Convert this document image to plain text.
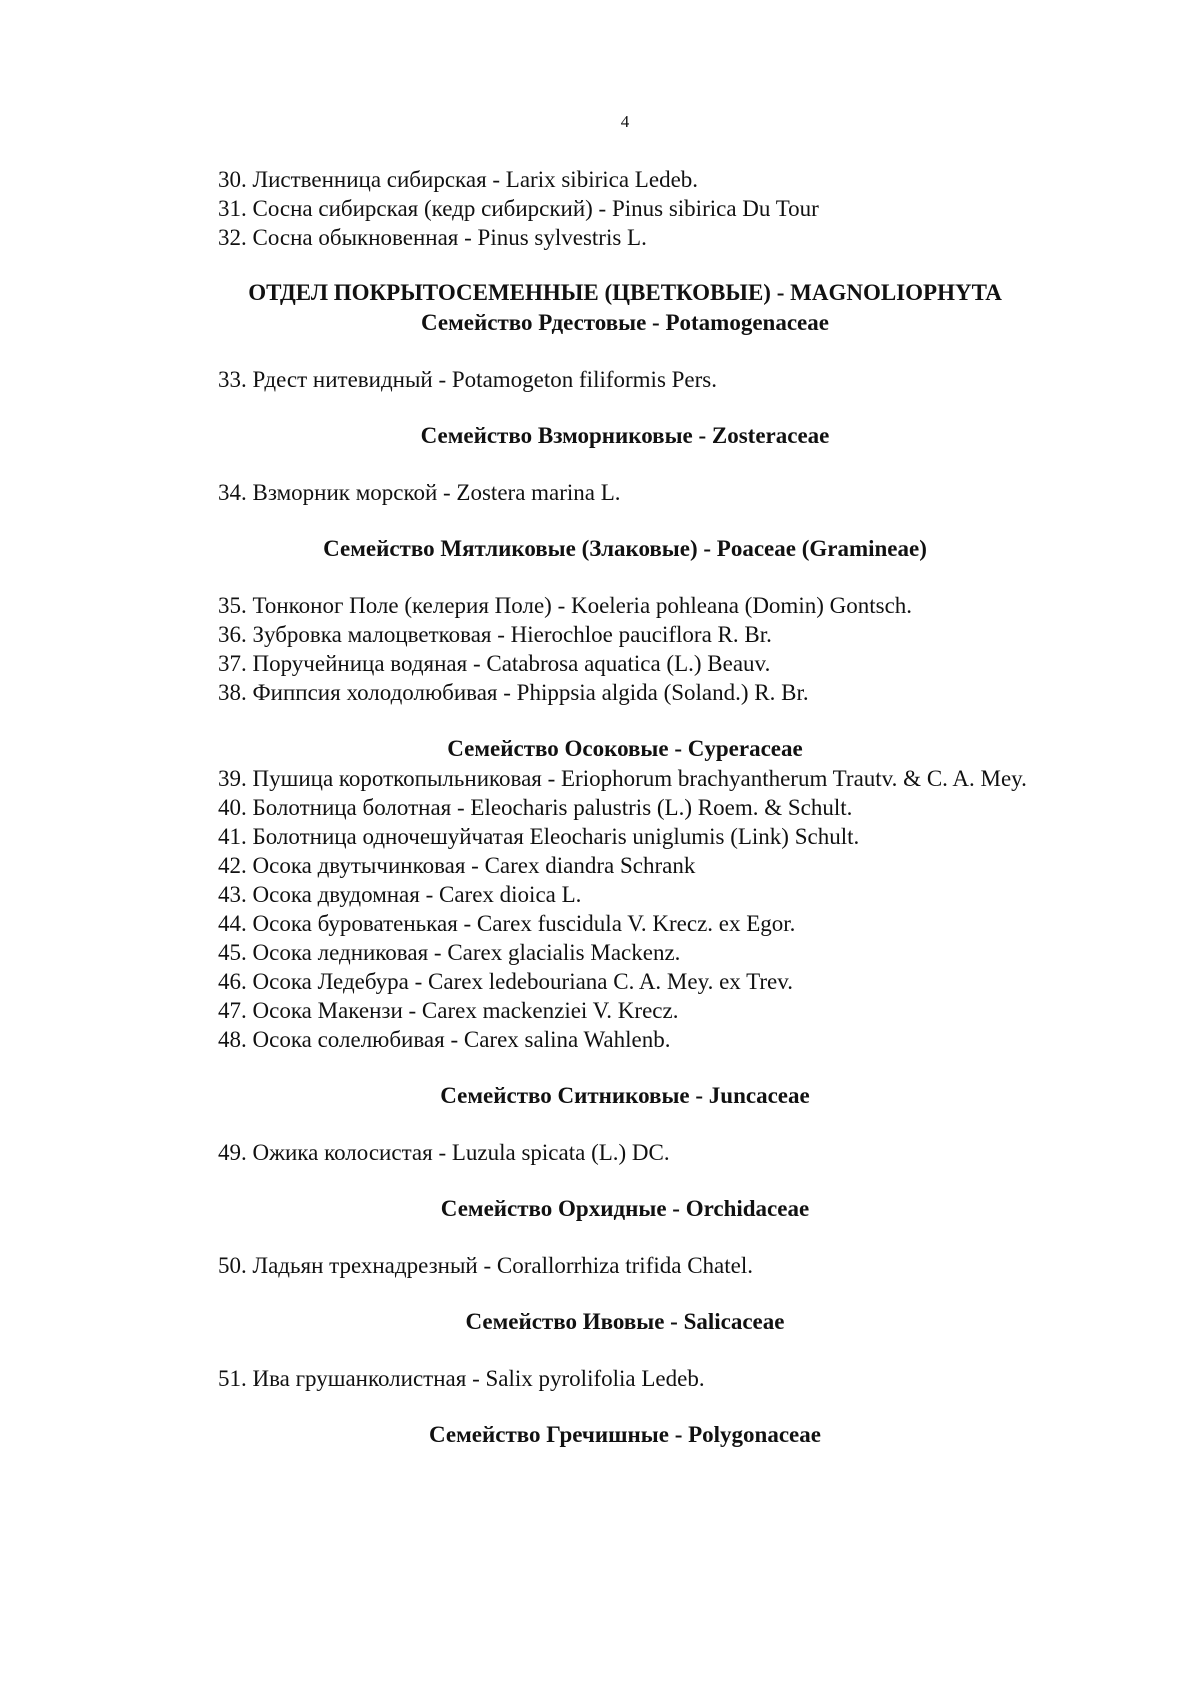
4
30. Лиственница сибирская - Larix sibirica Ledeb.
31. Сосна сибирская (кедр сибирский) - Pinus sibirica Du Tour
32. Сосна обыкновенная - Pinus sylvestris L.
ОТДЕЛ ПОКРЫТОСЕМЕННЫЕ (ЦВЕТКОВЫЕ) - MAGNOLIOPHYTA
Семейство Рдестовые - Potamogenaceae
33. Рдест нитевидный - Potamogeton filiformis Pers.
Семейство Взморниковые - Zosteraceae
34. Взморник морской - Zostera marina L.
Семейство Мятликовые (Злаковые) - Poaceae (Gramineae)
35. Тонконог Поле (келерия Поле) - Koeleria pohleana (Domin) Gontsch.
36. Зубровка малоцветковая - Hierochloe pauciflora R. Br.
37. Поручейница водяная - Catabrosa aquatica (L.) Beauv.
38. Фиппсия холодолюбивая - Phippsia algida (Soland.) R. Br.
Семейство Осоковые - Cyperaceae
39. Пушица короткопыльниковая - Eriophorum brachyantherum Trautv. & C. A. Mey.
40. Болотница болотная - Eleocharis palustris (L.) Roem. & Schult.
41. Болотница одночешуйчатая Eleocharis uniglumis (Link) Schult.
42. Осока двутычинковая - Carex diandra Schrank
43. Осока двудомная - Carex dioica L.
44. Осока буроватенькая - Carex fuscidula V. Krecz. ex Egor.
45. Осока ледниковая - Carex glacialis Mackenz.
46. Осока Ледебура - Carex ledebouriana C. A. Mey. ex Trev.
47. Осока Макензи - Carex mackenziei V. Krecz.
48. Осока солелюбивая - Carex salina Wahlenb.
Семейство Ситниковые - Juncaceae
49. Ожика колосистая - Luzula spicata (L.) DC.
Семейство Орхидные - Orchidaceae
50. Ладьян трехнадрезный - Corallorrhiza trifida Chatel.
Семейство Ивовые - Salicaceae
51. Ива грушанколистная - Salix pyrolifolia Ledeb.
Семейство Гречишные - Polygonaceae
